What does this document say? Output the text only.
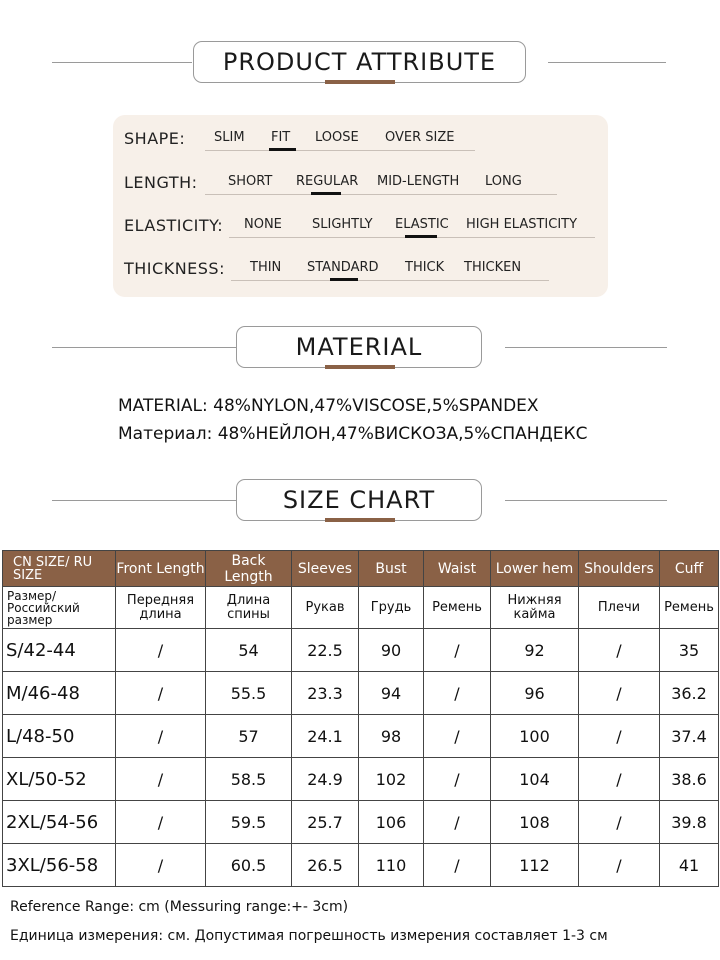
PRODUCT ATTRIBUTE
SHAPE: SLIM FIT LOOSE OVER SIZE
LENGTH: SHORT REGULAR MID-LENGTH LONG
ELASTICITY: NONE SLIGHTLY ELASTIC HIGH ELASTICITY
THICKNESS: THIN STANDARD THICK THICKEN
MATERIAL
MATERIAL: 48%NYLON,47%VISCOSE,5%SPANDEX
Материал: 48%НЕЙЛОН,47%ВИСКОЗА,5%СПАНДЕКС
SIZE CHART
CN SIZE/ RU SIZE	Front Length	Back Length	Sleeves	Bust	Waist	Lower hem	Shoulders	Cuff
Размер/ Российский размер	Передняя длина	Длина спины	Рукав	Грудь	Ремень	Нижняя кайма	Плечи	Ремень
S/42-44	/	54	22.5	90	/	92	/	35
M/46-48	/	55.5	23.3	94	/	96	/	36.2
L/48-50	/	57	24.1	98	/	100	/	37.4
XL/50-52	/	58.5	24.9	102	/	104	/	38.6
2XL/54-56	/	59.5	25.7	106	/	108	/	39.8
3XL/56-58	/	60.5	26.5	110	/	112	/	41
Reference Range: cm (Messuring range:+- 3cm)
Единица измерения: см. Допустимая погрешность измерения составляет 1-3 см
